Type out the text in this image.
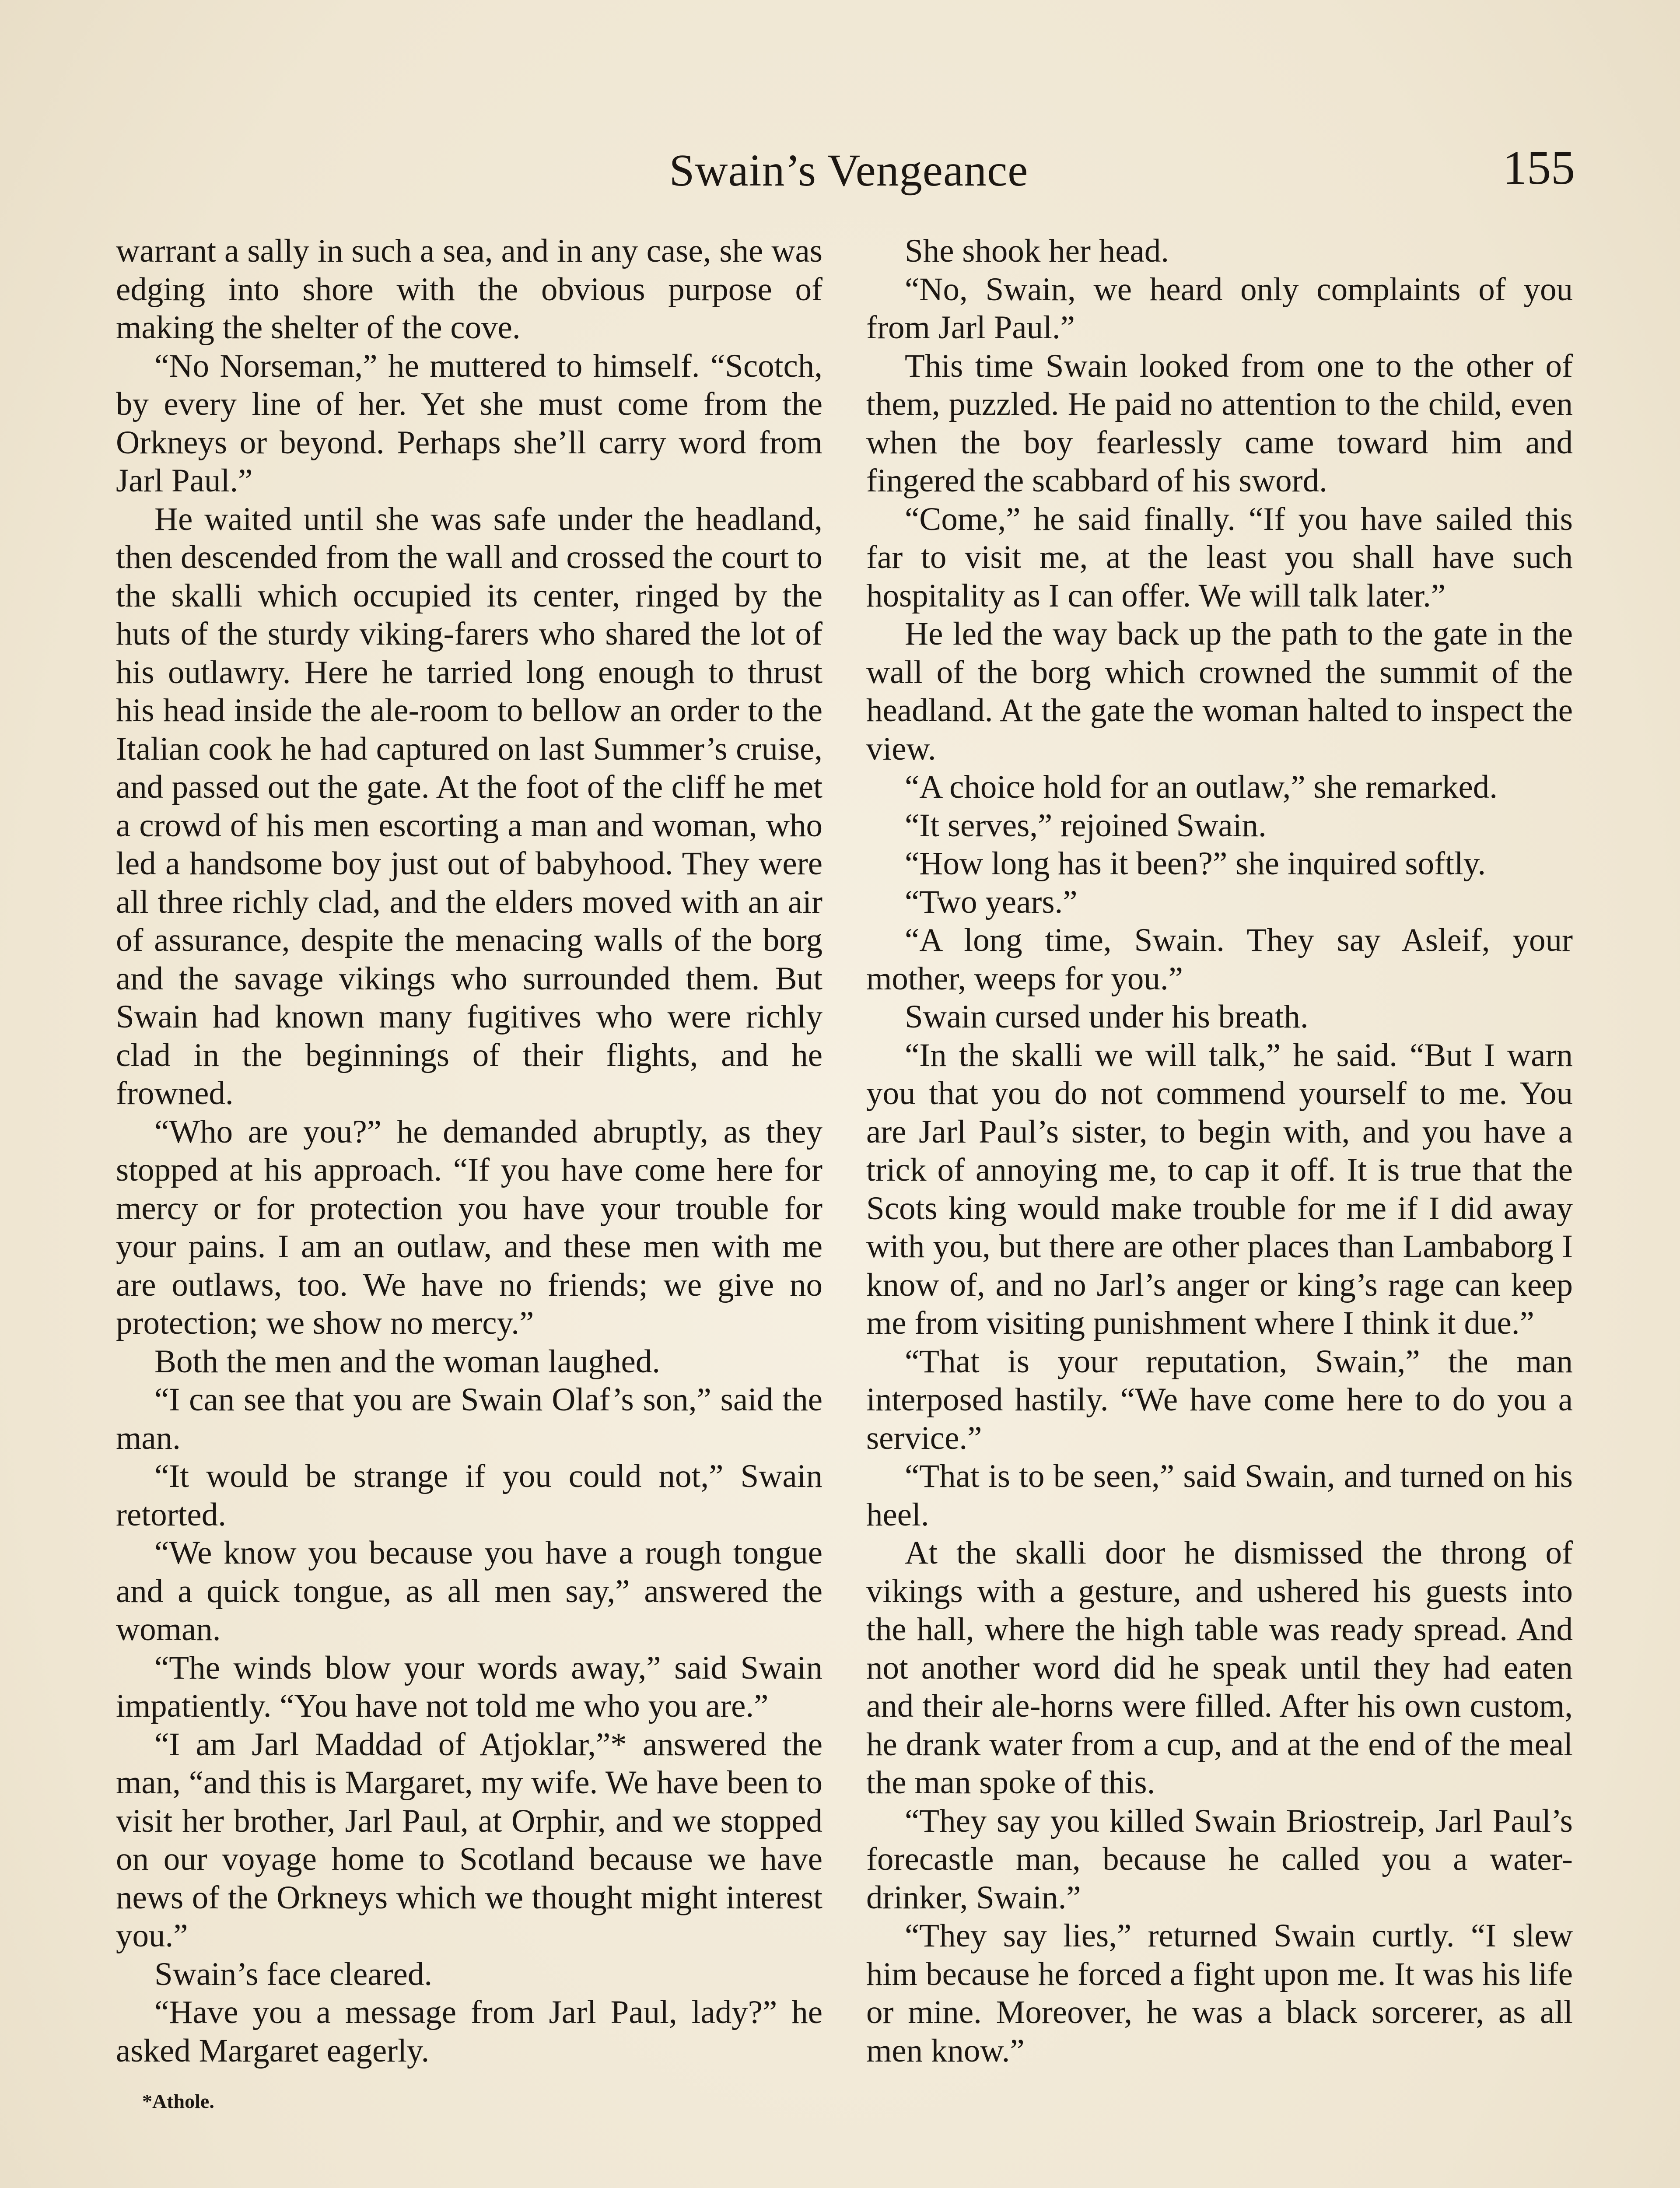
Swain’s Vengeance	155

warrant a sally in such a sea, and in any case, she was edging into shore with the obvious purpose of making the shelter of the cove.

“No Norseman,” he muttered to himself. “Scotch, by every line of her. Yet she must come from the Orkneys or beyond. Perhaps she’ll carry word from Jarl Paul.”

He waited until she was safe under the headland, then descended from the wall and crossed the court to the skalli which occupied its center, ringed by the huts of the sturdy viking-farers who shared the lot of his outlawry. Here he tarried long enough to thrust his head inside the ale-room to bellow an order to the Italian cook he had captured on last Summer’s cruise, and passed out the gate. At the foot of the cliff he met a crowd of his men escorting a man and woman, who led a handsome boy just out of babyhood. They were all three richly clad, and the elders moved with an air of assurance, despite the menacing walls of the borg and the savage vikings who surrounded them. But Swain had known many fugitives who were richly clad in the beginnings of their flights, and he frowned.

“Who are you?” he demanded abruptly, as they stopped at his approach. “If you have come here for mercy or for protection you have your trouble for your pains. I am an outlaw, and these men with me are outlaws, too. We have no friends; we give no protection; we show no mercy.”

Both the men and the woman laughed.

“I can see that you are Swain Olaf’s son,” said the man.

“It would be strange if you could not,” Swain retorted.

“We know you because you have a rough tongue and a quick tongue, as all men say,” answered the woman.

“The winds blow your words away,” said Swain impatiently. “You have not told me who you are.”

“I am Jarl Maddad of Atjoklar,”* answered the man, “and this is Margaret, my wife. We have been to visit her brother, Jarl Paul, at Orphir, and we stopped on our voyage home to Scotland because we have news of the Orkneys which we thought might interest you.”

Swain’s face cleared.

“Have you a message from Jarl Paul, lady?” he asked Margaret eagerly.

*Athole.

She shook her head.

“No, Swain, we heard only complaints of you from Jarl Paul.”

This time Swain looked from one to the other of them, puzzled. He paid no attention to the child, even when the boy fearlessly came toward him and fingered the scabbard of his sword.

“Come,” he said finally. “If you have sailed this far to visit me, at the least you shall have such hospitality as I can offer. We will talk later.”

He led the way back up the path to the gate in the wall of the borg which crowned the summit of the headland. At the gate the woman halted to inspect the view.

“A choice hold for an outlaw,” she remarked.

“It serves,” rejoined Swain.

“How long has it been?” she inquired softly.

“Two years.”

“A long time, Swain. They say Asleif, your mother, weeps for you.”

Swain cursed under his breath.

“In the skalli we will talk,” he said. “But I warn you that you do not commend yourself to me. You are Jarl Paul’s sister, to begin with, and you have a trick of annoying me, to cap it off. It is true that the Scots king would make trouble for me if I did away with you, but there are other places than Lambaborg I know of, and no Jarl’s anger or king’s rage can keep me from visiting punishment where I think it due.”

“That is your reputation, Swain,” the man interposed hastily. “We have come here to do you a service.”

“That is to be seen,” said Swain, and turned on his heel.

At the skalli door he dismissed the throng of vikings with a gesture, and ushered his guests into the hall, where the high table was ready spread. And not another word did he speak until they had eaten and their ale-horns were filled. After his own custom, he drank water from a cup, and at the end of the meal the man spoke of this.

“They say you killed Swain Briostreip, Jarl Paul’s forecastle man, because he called you a water-drinker, Swain.”

“They say lies,” returned Swain curtly. “I slew him because he forced a fight upon me. It was his life or mine. Moreover, he was a black sorcerer, as all men know.”
